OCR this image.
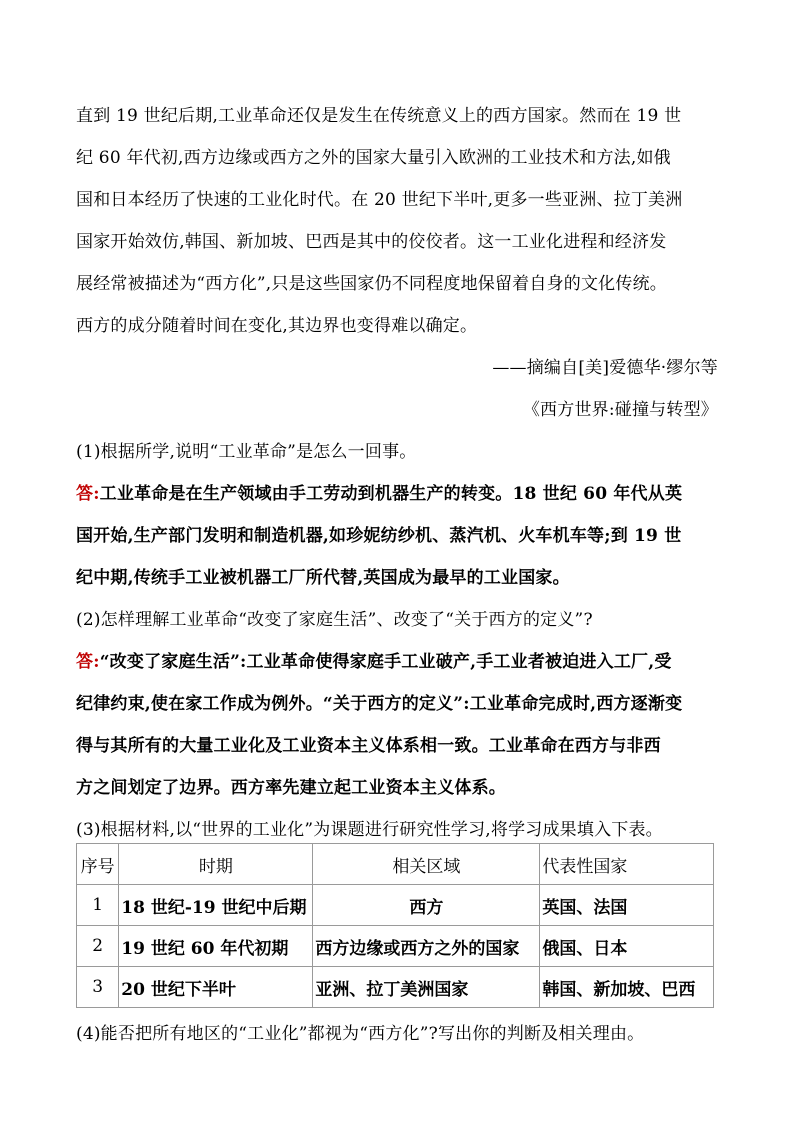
直到 19 世纪后期,工业革命还仅是发生在传统意义上的西方国家。然而在 19 世
纪 60 年代初,西方边缘或西方之外的国家大量引入欧洲的工业技术和方法,如俄
国和日本经历了快速的工业化时代。在 20 世纪下半叶,更多一些亚洲、拉丁美洲
国家开始效仿,韩国、新加坡、巴西是其中的佼佼者。这一工业化进程和经济发
展经常被描述为“西方化”,只是这些国家仍不同程度地保留着自身的文化传统。
西方的成分随着时间在变化,其边界也变得难以确定。
——摘编自[美]爱德华·缪尔等
《西方世界:碰撞与转型》
(1)根据所学,说明“工业革命”是怎么一回事。
答:工业革命是在生产领域由手工劳动到机器生产的转变。18 世纪 60 年代从英
国开始,生产部门发明和制造机器,如珍妮纺纱机、蒸汽机、火车机车等;到 19 世
纪中期,传统手工业被机器工厂所代替,英国成为最早的工业国家。
(2)怎样理解工业革命“改变了家庭生活”、改变了“关于西方的定义”?
答:“改变了家庭生活”:工业革命使得家庭手工业破产,手工业者被迫进入工厂,受
纪律约束,使在家工作成为例外。“关于西方的定义”:工业革命完成时,西方逐渐变
得与其所有的大量工业化及工业资本主义体系相一致。工业革命在西方与非西
方之间划定了边界。西方率先建立起工业资本主义体系。
(3)根据材料,以“世界的工业化”为课题进行研究性学习,将学习成果填入下表。
序号	时期	相关区域	代表性国家
1	18 世纪-19 世纪中后期	西方	英国、法国
2	19 世纪 60 年代初期	西方边缘或西方之外的国家	俄国、日本
3	20 世纪下半叶	亚洲、拉丁美洲国家	韩国、新加坡、巴西
(4)能否把所有地区的“工业化”都视为“西方化”?写出你的判断及相关理由。
